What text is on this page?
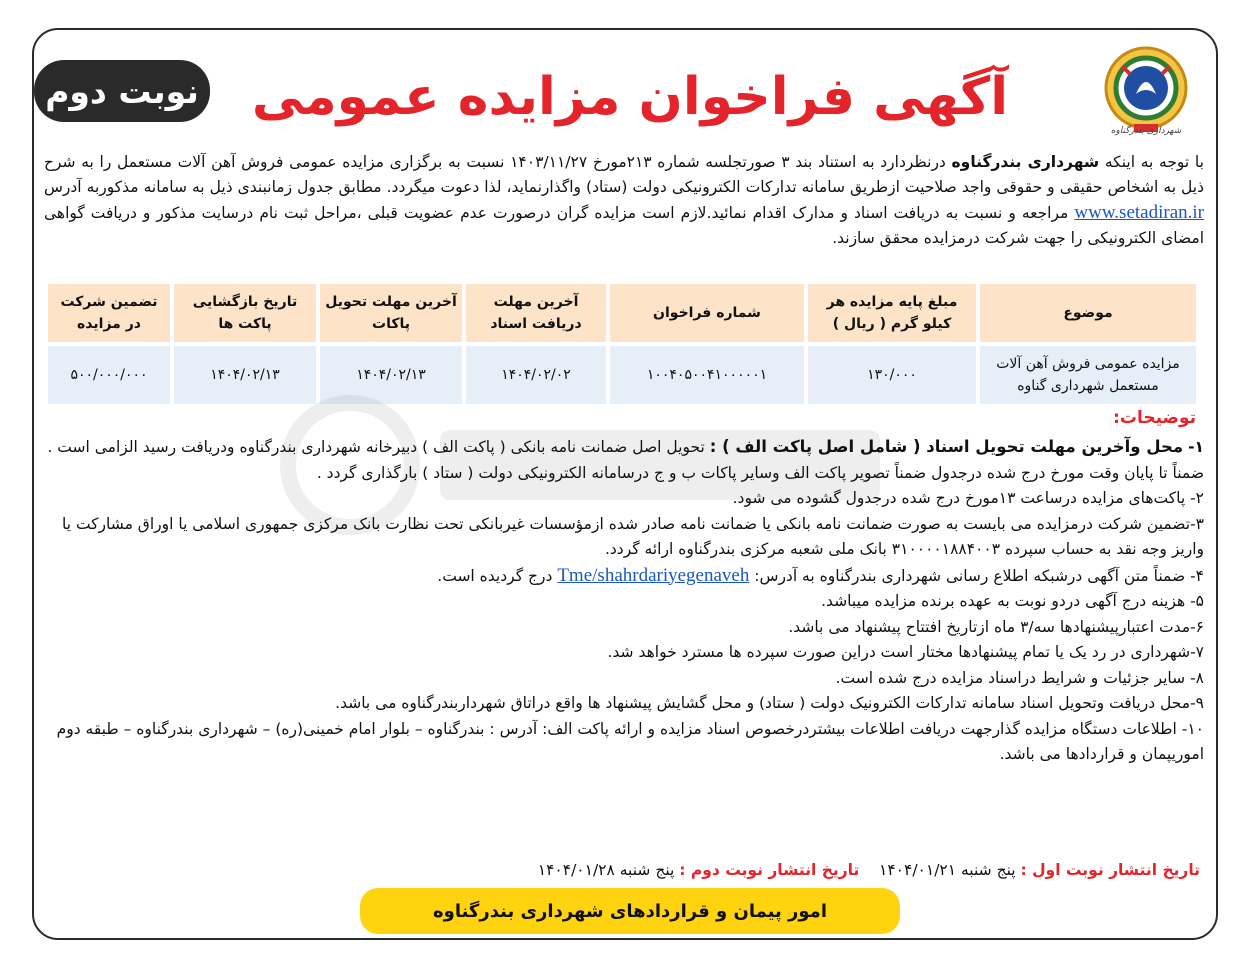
نوبت دوم آگهی فراخوان مزایده عمومی
شهرداری بندرگناوه
با توجه به اینکه شهرداری بندرگناوه درنظردارد به استناد بند ۳ صورتجلسه شماره ۲۱۳مورخ ۱۴۰۳/۱۱/۲۷ نسبت به برگزاری مزایده عمومی فروش آهن آلات مستعمل را به شرح ذیل به اشخاص حقیقی و حقوقی واجد صلاحیت ازطریق سامانه تدارکات الکترونیکی دولت (ستاد) واگذارنماید، لذا دعوت میگردد. مطابق جدول زمانبندی ذیل به سامانه مذکوربه آدرس www.setadiran.ir مراجعه و نسبت به دریافت اسناد و مدارک اقدام نمائید.لازم است مزایده گران درصورت عدم عضویت قبلی ،مراحل ثبت نام درسایت مذکور و دریافت گواهی امضای الکترونیکی را جهت شرکت درمزایده محقق سازند.
موضوع	مبلغ پایه مزایده هر کیلو گرم ( ریال )	شماره فراخوان	آخرین مهلت دریافت اسناد	آخرین مهلت تحویل پاکات	تاریخ بازگشایی پاکت ها	تضمین شرکت در مزایده
مزایده عمومی فروش آهن آلات مستعمل شهرداری گناوه	۱۳۰/۰۰۰	۱۰۰۴۰۵۰۰۴۱۰۰۰۰۰۱	۱۴۰۴/۰۲/۰۲	۱۴۰۴/۰۲/۱۳	۱۴۰۴/۰۲/۱۳	۵۰۰/۰۰۰/۰۰۰
توضیحات:
۱- محل وآخرین مهلت تحویل اسناد ( شامل اصل پاکت الف ) : تحویل اصل ضمانت نامه بانکی ( پاکت الف ) دبیرخانه شهرداری بندرگناوه ودریافت رسید الزامی است . ضمناً تا پایان وقت مورخ درج شده درجدول ضمناً تصویر پاکت الف وسایر پاکات ب و ج درسامانه الکترونیکی دولت ( ستاد ) بارگذاری گردد .
۲- پاکت‌های مزایده درساعت ۱۳مورخ درج شده درجدول گشوده می شود.
۳-تضمین شرکت درمزایده می بایست به صورت ضمانت نامه بانکی یا ضمانت نامه صادر شده ازمؤسسات غیربانکی تحت نظارت بانک مرکزی جمهوری اسلامی یا اوراق مشارکت یا واریز وجه نقد به حساب سپرده ۳۱۰۰۰۰۱۸۸۴۰۰۳ بانک ملی شعبه مرکزی بندرگناوه ارائه گردد.
۴- ضمناً متن آگهی درشبکه اطلاع رسانی شهرداری بندرگناوه به آدرس: Tme/shahrdariyegenaveh درج گردیده است.
۵- هزینه درج آگهی دردو نوبت به عهده برنده مزایده میباشد.
۶-مدت اعتبارپیشنهادها سه/۳ ماه ازتاریخ افتتاح پیشنهاد می باشد.
۷-شهرداری در رد یک یا تمام پیشنهادها مختار است دراین صورت سپرده ها مسترد خواهد شد.
۸- سایر جزئیات و شرایط دراسناد مزایده درج شده است.
۹-محل دریافت وتحویل اسناد سامانه تدارکات الکترونیک دولت ( ستاد) و محل گشایش پیشنهاد ها واقع دراتاق شهرداربندرگناوه می باشد.
۱۰- اطلاعات دستگاه مزایده گذارجهت دریافت اطلاعات بیشتردرخصوص اسناد مزایده و ارائه پاکت الف: آدرس : بندرگناوه – بلوار امام خمینی(ره) – شهرداری بندرگناوه – طبقه دوم اموریپمان و قراردادها می باشد.
تاریخ انتشار نوبت اول : پنج شنبه ۱۴۰۴/۰۱/۲۱    تاریخ انتشار نوبت دوم : پنج شنبه ۱۴۰۴/۰۱/۲۸
امور پیمان و قراردادهای شهرداری بندرگناوه
